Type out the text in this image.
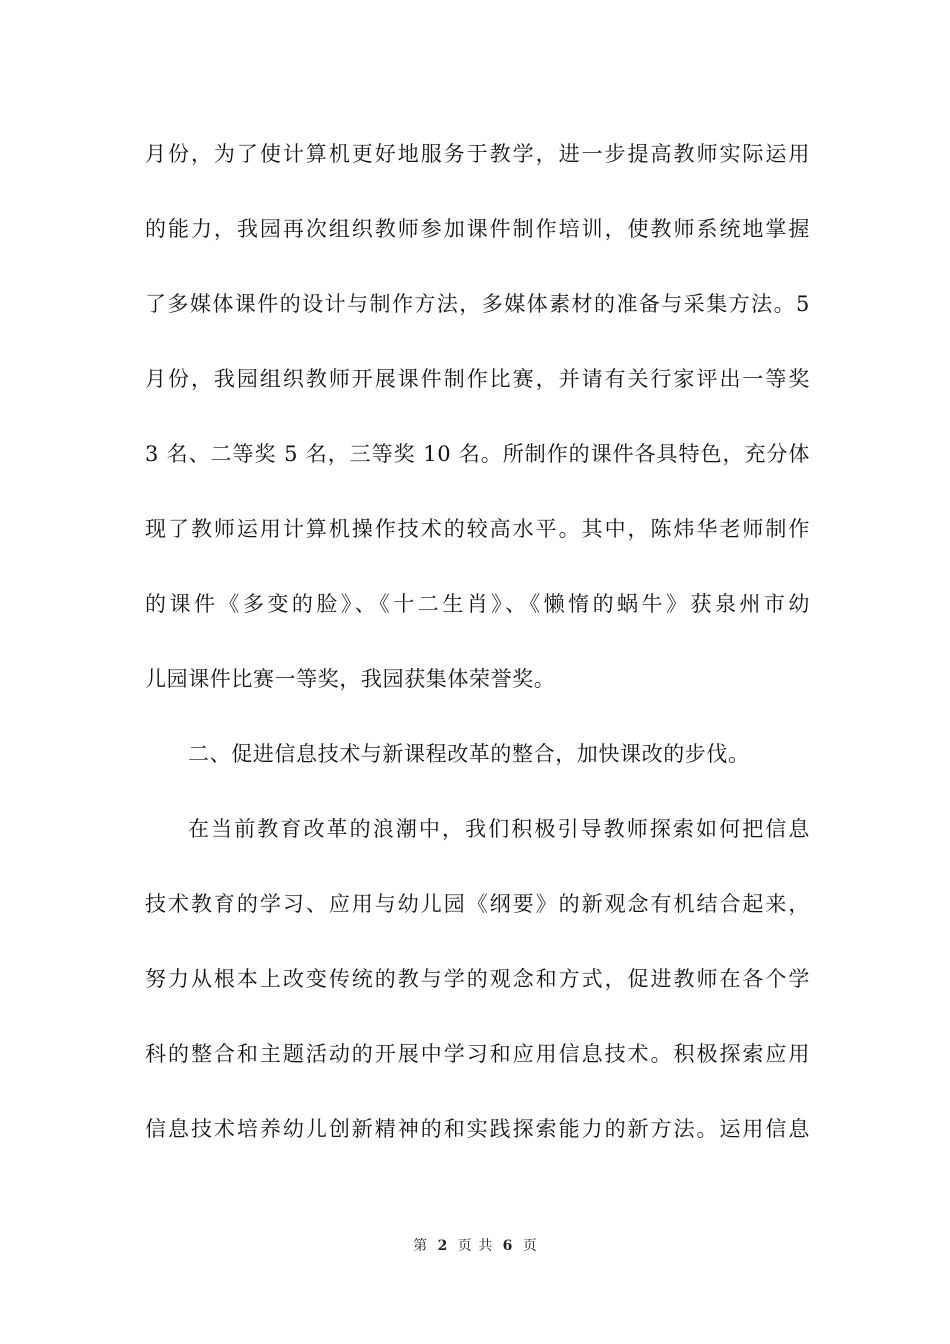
月份，为了使计算机更好地服务于教学，进一步提高教师实际运用
的能力，我园再次组织教师参加课件制作培训，使教师系统地掌握
了多媒体课件的设计与制作方法，多媒体素材的准备与采集方法。5
月份，我园组织教师开展课件制作比赛，并请有关行家评出一等奖
3 名、二等奖 5 名，三等奖 10 名。所制作的课件各具特色，充分体
现了教师运用计算机操作技术的较高水平。其中，陈炜华老师制作
的课件《多变的脸》、《十二生肖》、《懒惰的蜗牛》获泉州市幼
儿园课件比赛一等奖，我园获集体荣誉奖。
二、促进信息技术与新课程改革的整合，加快课改的步伐。
在当前教育改革的浪潮中，我们积极引导教师探索如何把信息
技术教育的学习、应用与幼儿园《纲要》的新观念有机结合起来，
努力从根本上改变传统的教与学的观念和方式，促进教师在各个学
科的整合和主题活动的开展中学习和应用信息技术。积极探索应用
信息技术培养幼儿创新精神的和实践探索能力的新方法。运用信息
第 2 页 共 6 页
